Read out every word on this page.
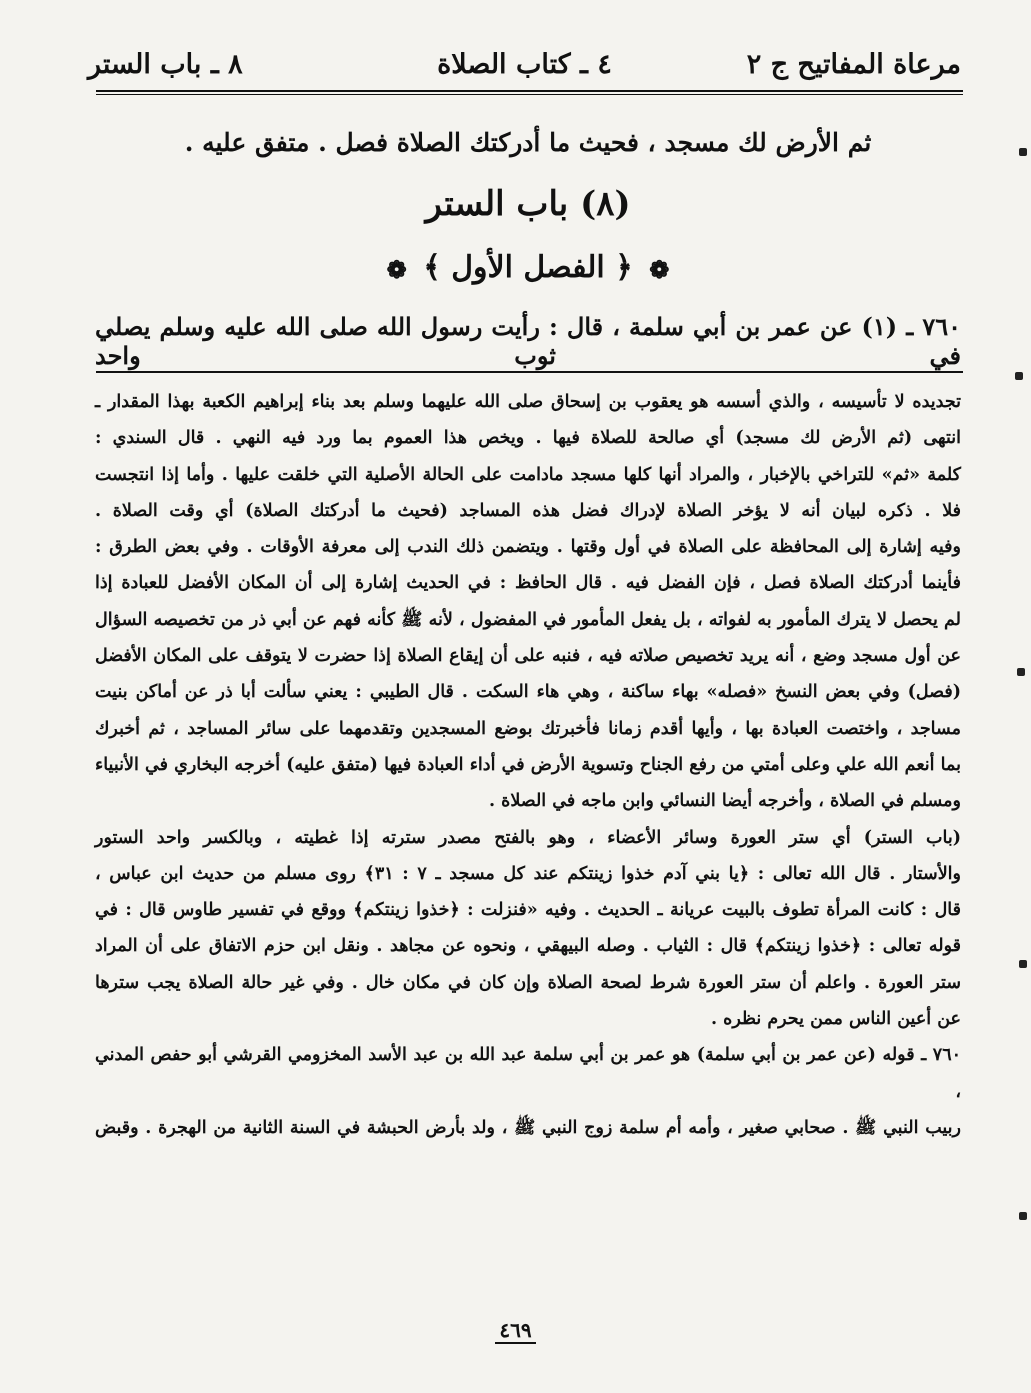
مرعاة المفاتيح ج ٢
٤ ـ كتاب الصلاة
٨ ـ باب الستر
ثم الأرض لك مسجد ، فحيث ما أدركتك الصلاة فصل . متفق عليه .
(٨) باب الستر
❁ ﴿ الفصل الأول ﴾ ❁
٧٦٠ ـ (١) عن عمر بن أبي سلمة ، قال : رأيت رسول الله صلى الله عليه وسلم يصلي في ثوب واحد

تجديده لا تأسيسه ، والذي أسسه هو يعقوب بن إسحاق صلى الله عليهما وسلم بعد بناء إبراهيم الكعبة بهذا المقدار ـ

انتهى (ثم الأرض لك مسجد) أي صالحة للصلاة فيها . ويخص هذا العموم بما ورد فيه النهي . قال السندي :

كلمة «ثم» للتراخي بالإخبار ، والمراد أنها كلها مسجد مادامت على الحالة الأصلية التي خلقت عليها . وأما إذا انتجست

فلا . ذكره لبيان أنه لا يؤخر الصلاة لإدراك فضل هذه المساجد (فحيث ما أدركتك الصلاة) أي وقت الصلاة .

وفيه إشارة إلى المحافظة على الصلاة في أول وقتها . ويتضمن ذلك الندب إلى معرفة الأوقات . وفي بعض الطرق :

فأينما أدركتك الصلاة فصل ، فإن الفضل فيه . قال الحافظ : في الحديث إشارة إلى أن المكان الأفضل للعبادة إذا

لم يحصل لا يترك المأمور به لفواته ، بل يفعل المأمور في المفضول ، لأنه ﷺ كأنه فهم عن أبي ذر من تخصيصه السؤال

عن أول مسجد وضع ، أنه يريد تخصيص صلاته فيه ، فنبه على أن إيقاع الصلاة إذا حضرت لا يتوقف على المكان الأفضل

(فصل) وفي بعض النسخ «فصله» بهاء ساكنة ، وهي هاء السكت . قال الطيبي : يعني سألت أبا ذر عن أماكن بنيت

مساجد ، واختصت العبادة بها ، وأيها أقدم زمانا فأخبرتك بوضع المسجدين وتقدمهما على سائر المساجد ، ثم أخبرك

بما أنعم الله علي وعلى أمتي من رفع الجناح وتسوية الأرض في أداء العبادة فيها (متفق عليه) أخرجه البخاري في الأنبياء

ومسلم في الصلاة ، وأخرجه أيضا النسائي وابن ماجه في الصلاة .

(باب الستر) أي ستر العورة وسائر الأعضاء ، وهو بالفتح مصدر سترته إذا غطيته ، وبالكسر واحد الستور

والأستار . قال الله تعالى : ﴿يا بني آدم خذوا زينتكم عند كل مسجد ـ ٧ : ٣١﴾ روى مسلم من حديث ابن عباس ،

قال : كانت المرأة تطوف بالبيت عريانة ـ الحديث . وفيه «فنزلت : ﴿خذوا زينتكم﴾ ووقع في تفسير طاوس قال : في

قوله تعالى : ﴿خذوا زينتكم﴾ قال : الثياب . وصله البيهقي ، ونحوه عن مجاهد . ونقل ابن حزم الاتفاق على أن المراد

ستر العورة . واعلم أن ستر العورة شرط لصحة الصلاة وإن كان في مكان خال . وفي غير حالة الصلاة يجب سترها

عن أعين الناس ممن يحرم نظره .

٧٦٠ ـ قوله (عن عمر بن أبي سلمة) هو عمر بن أبي سلمة عبد الله بن عبد الأسد المخزومي القرشي أبو حفص المدني ،

ربيب النبي ﷺ . صحابي صغير ، وأمه أم سلمة زوج النبي ﷺ ، ولد بأرض الحبشة في السنة الثانية من الهجرة . وقبض

٤٦٩
